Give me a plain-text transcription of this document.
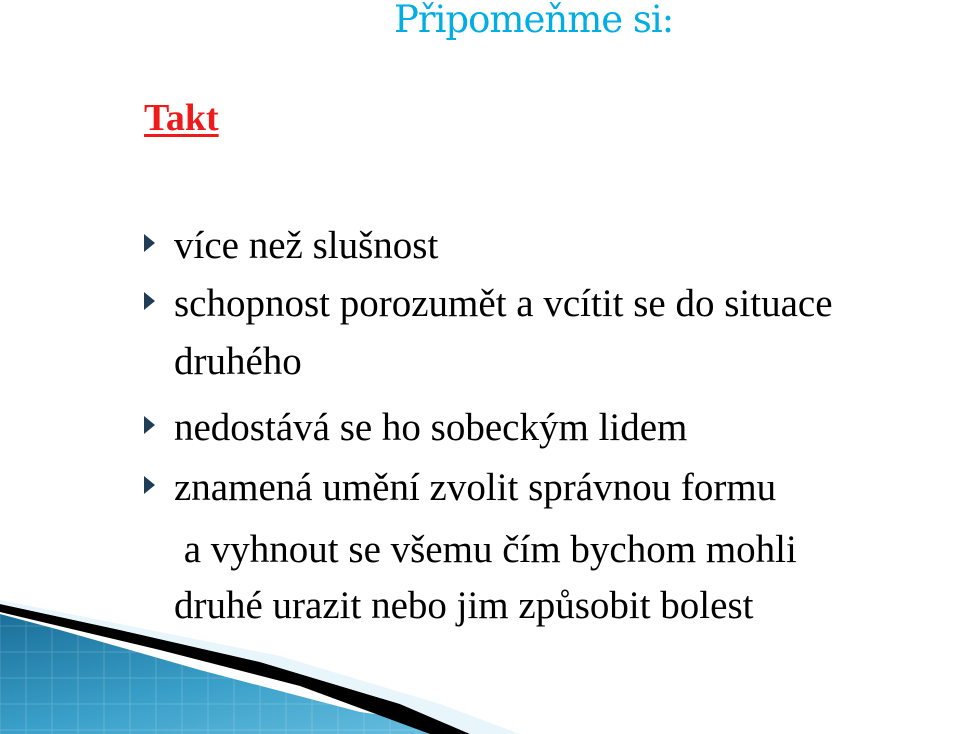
Připomeňme si:
Takt
více než slušnost
schopnost porozumět a vcítit se do situace
druhého
nedostává se ho sobeckým lidem
znamená umění zvolit správnou formu
a vyhnout se všemu čím bychom mohli
druhé urazit nebo jim způsobit bolest
